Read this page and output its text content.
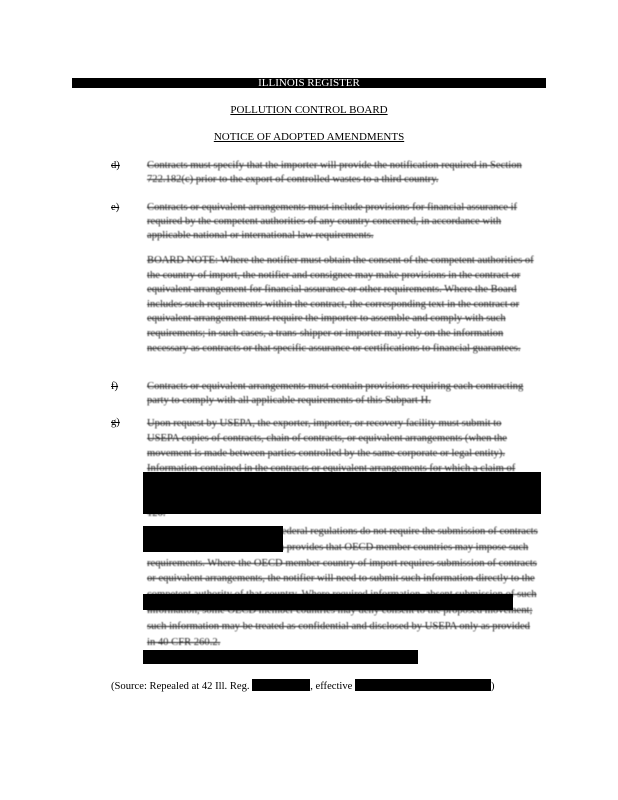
ILLINOIS REGISTER
POLLUTION CONTROL BOARD
NOTICE OF ADOPTED AMENDMENTS
d)	Contracts must specify that the importer will provide the notification required in Section 722.182(c) prior to the export of controlled wastes to a third country.
e)	Contracts or equivalent arrangements must include provisions for financial assurance if required by the competent authorities of any country concerned, in accordance with applicable national or international law requirements.
BOARD NOTE: Where the notifier must obtain the consent of the competent authorities of the country of import, the notifier and consignee may make provisions in the contract or equivalent arrangement for financial assurance or other requirements. Where the Board includes such requirements within the contract, the corresponding text in the contract or equivalent arrangement must require the importer to assemble and comply with such requirements; in such cases, a trans-shipper or importer may rely on the information necessary as contracts or that specific assurance or certifications to financial guarantees.
f)	Contracts or equivalent arrangements must contain provisions requiring each contracting party to comply with all applicable requirements of this Subpart H.
g)	Upon request by USEPA, the exporter, importer, or recovery facility must submit to USEPA copies of contracts, chain of contracts, or equivalent arrangements (when the movement is made between parties controlled by the same corporate or legal entity). Information contained in the contracts or equivalent arrangements for which a claim of confidentiality is asserted in accordance with 35 Ill. Adm. Code 120 will be treated as confidential and will be disclosed by the Agency only as provided in 35 Ill. Adm. Code 120.
BOARD NOTE: Although the federal regulations do not require the submission of contracts at this time, the OECD Decision provides that OECD member countries may impose such requirements. Where the OECD member country of import requires submission of contracts or equivalent arrangements, the notifier will need to submit such information directly to the competent authority of that country. Where required information, absent submission of such information, some OECD member countries may deny consent to the proposed movement; such information may be treated as confidential and disclosed by USEPA only as provided in 40 CFR 260.2.
(Source: Repealed at 42 Ill. Reg.	, effective	)
